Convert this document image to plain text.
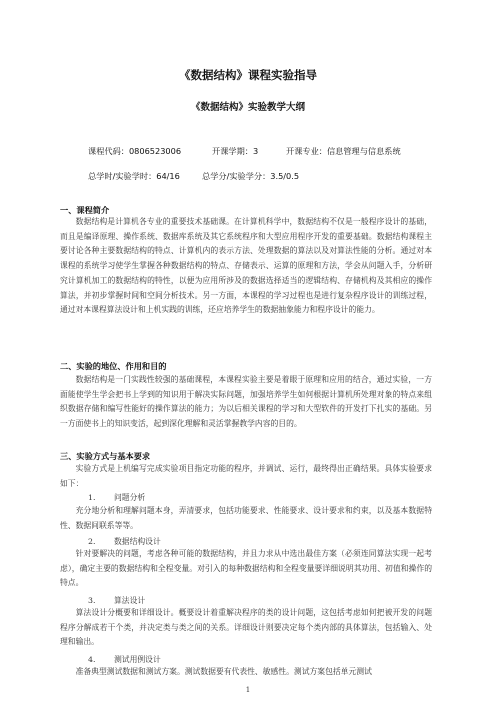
《数据结构》课程实验指导
《数据结构》实验教学大纲
课程代码：0806523006	开课学期：3	开课专业：信息管理与信息系统
总学时/实验学时：64/16	总学分/实验学分：3.5/0.5
一、课程简介

数据结构是计算机各专业的重要技术基础课。在计算机科学中，数据结构不仅是一般程序设计的基础，而且是编译原理、操作系统、数据库系统及其它系统程序和大型应用程序开发的重要基础。数据结构课程主要讨论各种主要数据结构的特点、计算机内的表示方法、处理数据的算法以及对算法性能的分析。通过对本课程的系统学习使学生掌握各种数据结构的特点、存储表示、运算的原理和方法，学会从问题入手，分析研究计算机加工的数据结构的特性，以便为应用所涉及的数据选择适当的逻辑结构、存储机构及其相应的操作算法，并初步掌握时间和空间分析技术。另一方面，本课程的学习过程也是进行复杂程序设计的训练过程，通过对本课程算法设计和上机实践的训练，还应培养学生的数据抽象能力和程序设计的能力。

二、实验的地位、作用和目的

数据结构是一门实践性较强的基础课程，本课程实验主要是着眼于原理和应用的结合，通过实验，一方面能使学生学会把书上学到的知识用于解决实际问题，加强培养学生如何根据计算机所处理对象的特点来组织数据存储和编写性能好的操作算法的能力；为以后相关课程的学习和大型软件的开发打下扎实的基础。另一方面使书上的知识变活，起到深化理解和灵活掌握教学内容的目的。

三、实验方式与基本要求

实验方式是上机编写完成实验项目指定功能的程序，并调试、运行，最终得出正确结果。具体实验要求如下：

1. 问题分析

充分地分析和理解问题本身，弄清要求，包括功能要求、性能要求、设计要求和约束，以及基本数据特性、数据间联系等等。

2. 数据结构设计

针对要解决的问题，考虑各种可能的数据结构，并且力求从中选出最佳方案（必须连同算法实现一起考虑），确定主要的数据结构和全程变量。对引入的每种数据结构和全程变量要详细说明其功用、初值和操作的特点。

3. 算法设计

算法设计分概要和详细设计。概要设计着重解决程序的类的设计问题，这包括考虑如何把被开发的问题程序分解成若干个类，并决定类与类之间的关系。详细设计则要决定每个类内部的具体算法，包括输入、处理和输出。

4. 测试用例设计

准备典型测试数据和测试方案。测试数据要有代表性、敏感性。测试方案包括单元测试

1
